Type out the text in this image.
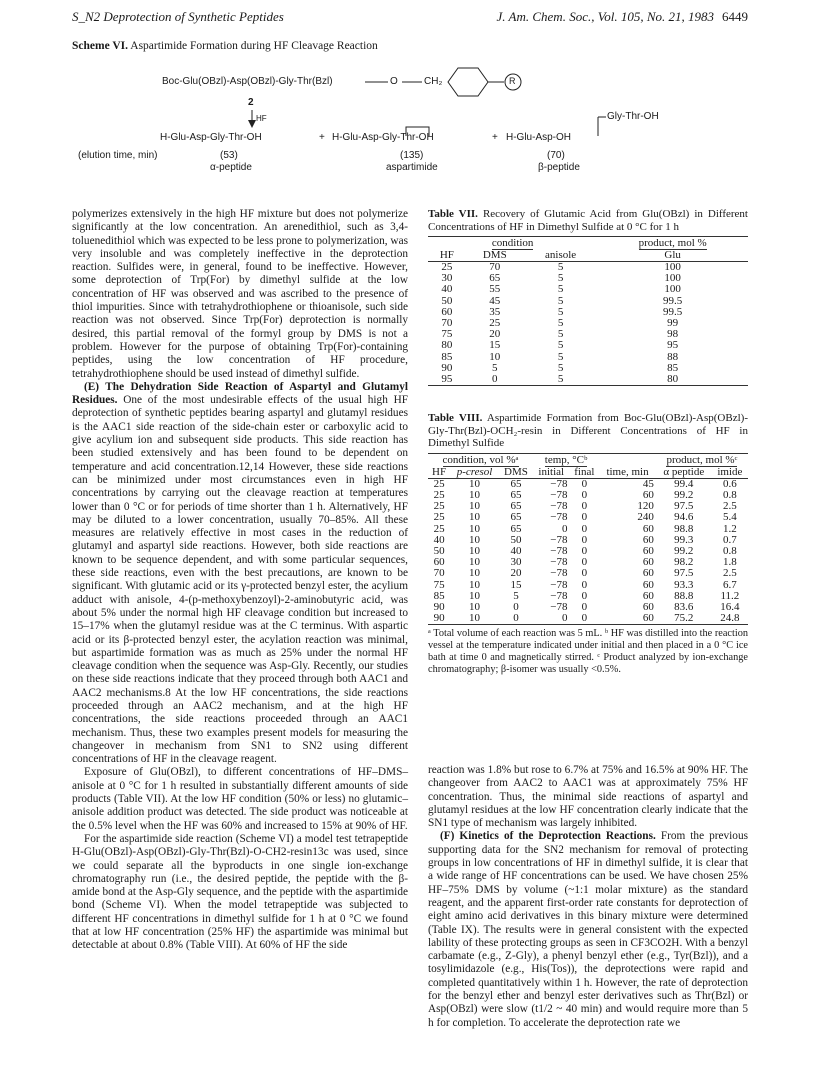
S_N2 Deprotection of Synthetic Peptides	J. Am. Chem. Soc., Vol. 105, No. 21, 1983 6449
Scheme VI. Aspartimide Formation during HF Cleavage Reaction
Boc-Glu(OBzl)-Asp(OBzl)-Gly-Thr(Bzl)	O	CH₂	R
2
HF	Gly-Thr-OH
H-Glu-Asp-Gly-Thr-OH	+ H-Glu-Asp-Gly-Thr-OH	+ H-Glu-Asp-OH
(elution time, min)	(53)	(135)	(70)
α-peptide	aspartimide	β-peptide

polymerizes extensively in the high HF mixture but does not polymerize significantly at the low concentration. An arenedithiol, such as 3,4-toluenedithiol which was expected to be less prone to polymerization, was very insoluble and was completely ineffective in the deprotection reaction. Sulfides were, in general, found to be ineffective. However, some deprotection of Trp(For) by dimethyl sulfide at the low concentration of HF was observed and was ascribed to the presence of thiol impurities. Since with tetrahydrothiophene or thioanisole, such side reaction was not observed. Since Trp(For) deprotection is normally desired, this partial removal of the formyl group by DMS is not a problem. However for the purpose of obtaining Trp(For)-containing peptides, using the low concentration of HF procedure, tetrahydrothiophene should be used instead of dimethyl sulfide.

(E) The Dehydration Side Reaction of Aspartyl and Glutamyl Residues. One of the most undesirable effects of the usual high HF deprotection of synthetic peptides bearing aspartyl and glutamyl residues is the AAC1 side reaction of the side-chain ester or carboxylic acid to give acylium ion and subsequent side products. This side reaction has been studied extensively and has been found to be dependent on temperature and acid concentration.12,14 However, these side reactions can be minimized under most circumstances even in high HF concentrations by carrying out the cleavage reaction at temperatures lower than 0 °C or for periods of time shorter than 1 h. Alternatively, HF may be diluted to a lower concentration, usually 70–85%. All these measures are relatively effective in most cases in the reduction of glutamyl and aspartyl side reactions. However, both side reactions are known to be sequence dependent, and with some particular sequences, these side reactions, even with the best precautions, are known to be significant. With glutamic acid or its γ-protected benzyl ester, the acylium adduct with anisole, 4-(p-methoxybenzoyl)-2-aminobutyric acid, was about 5% under the normal high HF cleavage condition but increased to 15–17% when the glutamyl residue was at the C terminus. With aspartic acid or its β-protected benzyl ester, the acylation reaction was minimal, but aspartimide formation was as much as 25% under the normal HF cleavage condition when the sequence was Asp-Gly. Recently, our studies on these side reactions indicate that they proceed through both AAC1 and AAC2 mechanisms.8 At the low HF concentrations, the side reactions proceeded through an AAC2 mechanism, and at the high HF concentrations, the side reactions proceeded through an AAC1 mechanism. Thus, these two examples present models for measuring the changeover in mechanism from SN1 to SN2 using different concentrations of HF in the cleavage reagent.

Exposure of Glu(OBzl), to different concentrations of HF–DMS–anisole at 0 °C for 1 h resulted in substantially different amounts of side products (Table VII). At the low HF condition (50% or less) no glutamic–anisole addition product was detected. The side product was noticeable at the 0.5% level when the HF was 60% and increased to 15% at 90% of HF.

For the aspartimide side reaction (Scheme VI) a model test tetrapeptide H-Glu(OBzl)-Asp(OBzl)-Gly-Thr(Bzl)-O-CH2-resin13c was used, since we could separate all the byproducts in one single ion-exchange chromatography run (i.e., the desired peptide, the peptide with the β-amide bond at the Asp-Gly sequence, and the peptide with the aspartimide bond (Scheme VI). When the model tetrapeptide was subjected to different HF concentrations in dimethyl sulfide for 1 h at 0 °C we found that at low HF concentration (25% HF) the aspartimide was minimal but detectable at about 0.8% (Table VIII). At 60% of HF the side

Table VII. Recovery of Glutamic Acid from Glu(OBzl) in Different Concentrations of HF in Dimethyl Sulfide at 0 °C for 1 h
condition			product, mol %
HF	DMS	anisole	Glu
25	70	5	100
30	65	5	100
40	55	5	100
50	45	5	99.5
60	35	5	99.5
70	25	5	99
75	20	5	98
80	15	5	95
85	10	5	88
90	5	5	85
95	0	5	80
Table VIII. Aspartimide Formation from Boc-Glu(OBzl)-Asp(OBzl)-Gly-Thr(Bzl)-OCH₂-resin in Different Concentrations of HF in Dimethyl Sulfide
condition, vol %ᵃ			temp, °Cᵇ		time, min	product, mol %ᶜ	
HF	p-cresol	DMS	initial	final		α peptide	imide
25	10	65	−78	0	45	99.4	0.6
25	10	65	−78	0	60	99.2	0.8
25	10	65	−78	0	120	97.5	2.5
25	10	65	−78	0	240	94.6	5.4
25	10	65	0	0	60	98.8	1.2
40	10	50	−78	0	60	99.3	0.7
50	10	40	−78	0	60	99.2	0.8
60	10	30	−78	0	60	98.2	1.8
70	10	20	−78	0	60	97.5	2.5
75	10	15	−78	0	60	93.3	6.7
85	10	5	−78	0	60	88.8	11.2
90	10	0	−78	0	60	83.6	16.4
90	10	0	0	0	60	75.2	24.8
ᵃ Total volume of each reaction was 5 mL. ᵇ HF was distilled into the reaction vessel at the temperature indicated under initial and then placed in a 0 °C ice bath at time 0 and magnetically stirred. ᶜ Product analyzed by ion-exchange chromatography; β-isomer was usually <0.5%.

reaction was 1.8% but rose to 6.7% at 75% and 16.5% at 90% HF. The changeover from AAC2 to AAC1 was at approximately 75% HF concentration. Thus, the minimal side reactions of aspartyl and glutamyl residues at the low HF concentration clearly indicate that the SN1 type of mechanism was largely inhibited.

(F) Kinetics of the Deprotection Reactions. From the previous supporting data for the SN2 mechanism for removal of protecting groups in low concentrations of HF in dimethyl sulfide, it is clear that a wide range of HF concentrations can be used. We have chosen 25% HF–75% DMS by volume (~1:1 molar mixture) as the standard reagent, and the apparent first-order rate constants for deprotection of eight amino acid derivatives in this binary mixture were determined (Table IX). The results were in general consistent with the expected lability of these protecting groups as seen in CF3CO2H. With a benzyl carbamate (e.g., Z-Gly), a phenyl benzyl ether (e.g., Tyr(Bzl)), and a tosylimidazole (e.g., His(Tos)), the deprotections were rapid and completed quantitatively within 1 h. However, the rate of deprotection for the benzyl ether and benzyl ester derivatives such as Thr(Bzl) or Asp(OBzl) were slow (t1/2 ~ 40 min) and would require more than 5 h for completion. To accelerate the deprotection rate we
